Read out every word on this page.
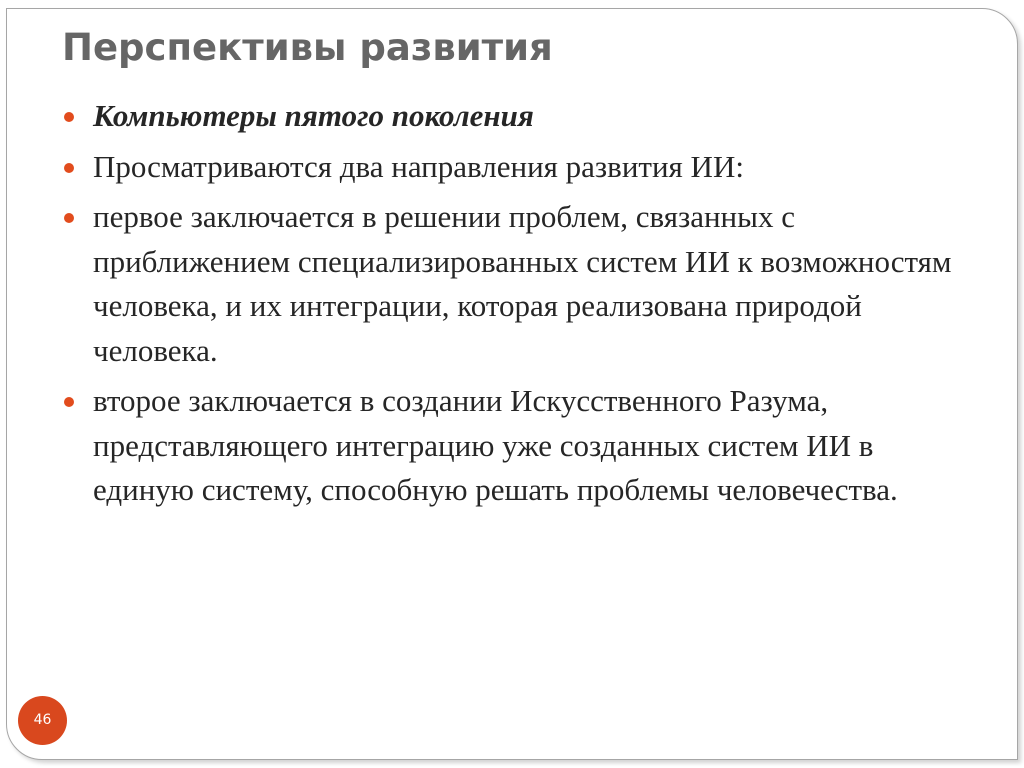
Перспективы развития
Компьютеры пятого поколения
Просматриваются два направления развития ИИ:
первое заключается в решении проблем, связанных с приближением специализированных систем ИИ к возможностям человека, и их интеграции, которая реализована природой человека.
второе заключается в создании Искусственного Разума, представляющего интеграцию уже созданных систем ИИ в единую систему, способную решать проблемы человечества.
46
